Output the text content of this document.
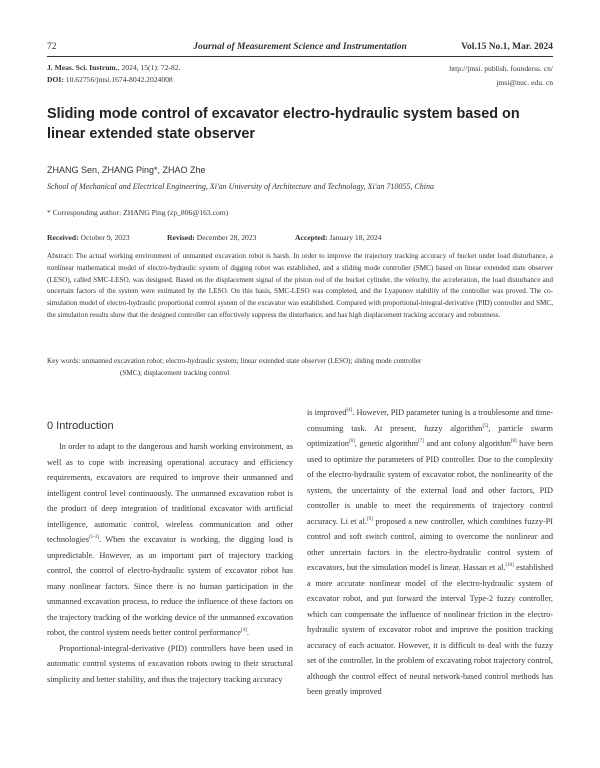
72	Journal of Measurement Science and Instrumentation	Vol.15 No.1, Mar. 2024
J. Meas. Sci. Instrum., 2024, 15(1): 72-82.
DOI: 10.62756/jmsi.1674-8042.2024008
http://jmsi. publish. founderss. cn/
jmsi@nuc. edu. cn
Sliding mode control of excavator electro-hydraulic system based on linear extended state observer
ZHANG Sen, ZHANG Ping*, ZHAO Zhe
School of Mechanical and Electrical Engineering, Xi'an University of Architecture and Technology, Xi'an 710055, China
* Corresponding author: ZHANG Ping (zp_806@163.com)
Received: October 9, 2023	Revised: December 28, 2023	Accepted: January 18, 2024

Abstract: The actual working environment of unmanned excavation robot is harsh. In order to improve the trajectory tracking accuracy of bucket under load disturbance, a nonlinear mathematical model of electro-hydraulic system of digging robot was established, and a sliding mode controller (SMC) based on linear extended state observer (LESO), called SMC-LESO, was designed. Based on the displacement signal of the piston rod of the bucket cylinder, the velocity, the acceleration, the load disturbance and uncertain factors of the system were estimated by the LESO. On this basis, SMC-LESO was completed, and the Lyapunov stability of the controller was proved. The co-simulation model of electro-hydraulic proportional control system of the excavator was established. Compared with proportional-integral-derivative (PID) controller and SMC, the simulation results show that the designed controller can effectively suppress the disturbance, and has high displacement tracking accuracy and robustness.

Key words: unmanned excavation robot; electro-hydraulic system; linear extended state observer (LESO); sliding mode controller
(SMC); displacement tracking control
0 Introduction

In order to adapt to the dangerous and harsh working environment, as well as to cope with increasing operational accuracy and efficiency requirements, excavators are required to improve their unmanned and intelligent control level continuously. The unmanned excavation robot is the product of deep integration of traditional excavator with artificial intelligence, automatic control, wireless communication and other technologies[1-3]. When the excavator is working, the digging load is unpredictable. However, as an important part of trajectory tracking control, the control of electro-hydraulic system of excavator robot has many nonlinear factors. Since there is no human participation in the unmanned excavation process, to reduce the influence of these factors on the trajectory tracking of the working device of the unmanned excavation robot, the control system needs better control performance[4].

Proportional-integral-derivative (PID) controllers have been used in automatic control systems of excavation robots owing to their structural simplicity and better stability, and thus the trajectory tracking accuracy

is improved[4]. However, PID parameter tuning is a troublesome and time-consuming task. At present, fuzzy algorithm[5], particle swarm optimization[6], genetic algorithm[7] and ant colony algorithm[8] have been used to optimize the parameters of PID controller. Due to the complexity of the electro-hydraulic system of excavator robot, the nonlinearity of the system, the uncertainty of the external load and other factors, PID controller is unable to meet the requirements of trajectory control accuracy. Li et al.[9] proposed a new controller, which combines fuzzy-PI control and soft switch control, aiming to overcome the nonlinear and other uncertain factors in the electro-hydraulic control system of excavators, but the simulation model is linear. Hassan et al.[10] established a more accurate nonlinear model of the electro-hydraulic system of excavator robot, and put forward the interval Type-2 fuzzy controller, which can compensate the influence of nonlinear friction in the electro-hydraulic system of excavator robot and improve the position tracking accuracy of each actuator. However, it is difficult to deal with the fuzzy set of the controller. In the problem of excavating robot trajectory control, although the control effect of neural network-based control methods has been greatly improved
